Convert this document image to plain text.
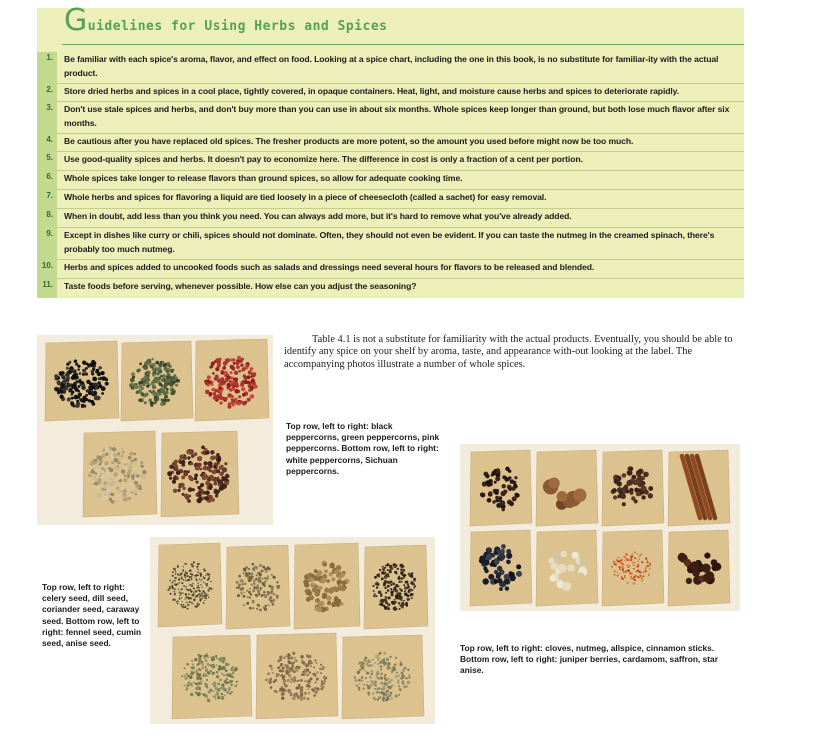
Guidelines for Using Herbs and Spices
1.	Be familiar with each spice's aroma, flavor, and effect on food. Looking at a spice chart, including the one in this book, is no substitute for familiar-ity with the actual product.
2.	Store dried herbs and spices in a cool place, tightly covered, in opaque containers. Heat, light, and moisture cause herbs and spices to deteriorate rapidly.
3.	Don't use stale spices and herbs, and don't buy more than you can use in about six months. Whole spices keep longer than ground, but both lose much flavor after six months.
4.	Be cautious after you have replaced old spices. The fresher products are more potent, so the amount you used before might now be too much.
5.	Use good-quality spices and herbs. It doesn't pay to economize here. The difference in cost is only a fraction of a cent per portion.
6.	Whole spices take longer to release flavors than ground spices, so allow for adequate cooking time.
7.	Whole herbs and spices for flavoring a liquid are tied loosely in a piece of cheesecloth (called a sachet) for easy removal.
8.	When in doubt, add less than you think you need. You can always add more, but it's hard to remove what you've already added.
9.	Except in dishes like curry or chili, spices should not dominate. Often, they should not even be evident. If you can taste the nutmeg in the creamed spinach, there's probably too much nutmeg.
10.	Herbs and spices added to uncooked foods such as salads and dressings need several hours for flavors to be released and blended.
11.	Taste foods before serving, whenever possible. How else can you adjust the seasoning?
Table 4.1 is not a substitute for familiarity with the actual products. Eventually, you should be able to identify any spice on your shelf by aroma, taste, and appearance with-out looking at the label. The accompanying photos illustrate a number of whole spices.
Top row, left to right: black peppercorns, green peppercorns, pink peppercorns. Bottom row, left to right: white peppercorns, Sichuan peppercorns.
Top row, left to right: cloves, nutmeg, allspice, cinnamon sticks. Bottom row, left to right: juniper berries, cardamom, saffron, star anise.
Top row, left to right: celery seed, dill seed, coriander seed, caraway seed. Bottom row, left to right: fennel seed, cumin seed, anise seed.
